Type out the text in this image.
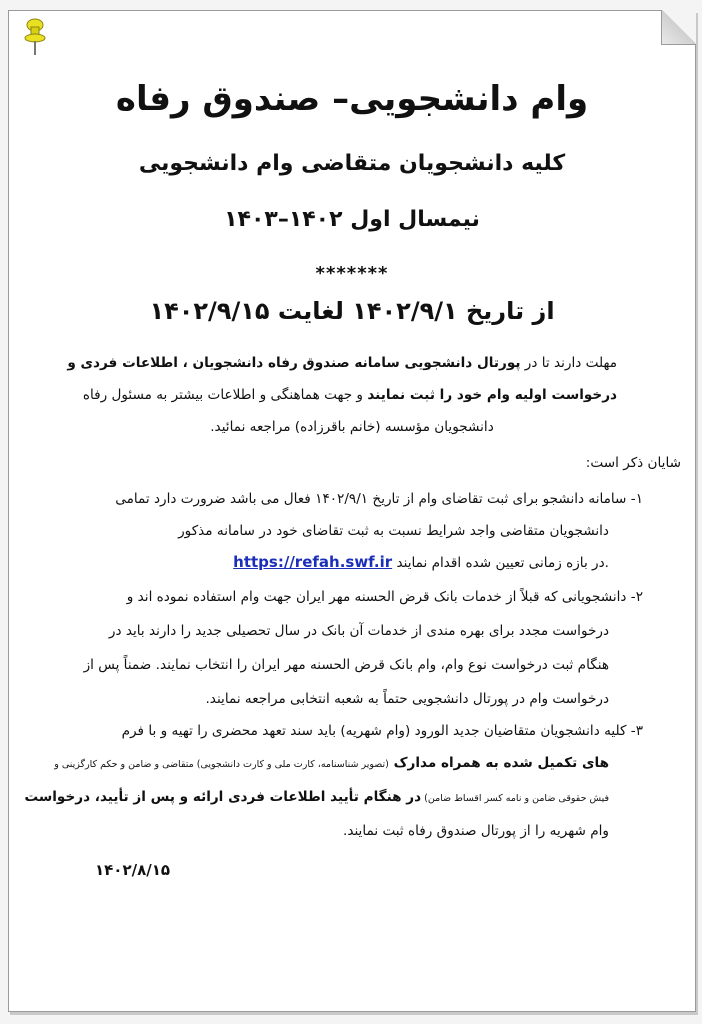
وام دانشجویی– صندوق رفاه
کلیه دانشجویان متقاضی وام دانشجویی
نیمسال اول ۱۴۰۲–۱۴۰۳
*******
از تاریخ ۱۴۰۲/۹/۱ لغایت ۱۴۰۲/۹/۱۵
مهلت دارند تا در پورتال دانشجویی سامانه صندوق رفاه دانشجویان ، اطلاعات فردی و
درخواست اولیه وام خود را ثبت نمایند و جهت هماهنگی و اطلاعات بیشتر به مسئول رفاه
دانشجویان مؤسسه (خانم باقرزاده) مراجعه نمائید.
شایان ذکر است:
۱- سامانه دانشجو برای ثبت تقاضای وام از تاریخ ۱۴۰۲/۹/۱ فعال می باشد ضرورت دارد تمامی
دانشجویان متقاضی واجد شرایط نسبت به ثبت تقاضای خود در سامانه مذکور
https://refah.swf.ir در بازه زمانی تعیین شده اقدام نمایند.
۲- دانشجویانی که قبلاً از خدمات بانک قرض الحسنه مهر ایران جهت وام استفاده نموده اند و
درخواست مجدد برای بهره مندی از خدمات آن بانک در سال تحصیلی جدید را دارند باید در
هنگام ثبت درخواست نوع وام، وام بانک قرض الحسنه مهر ایران را انتخاب نمایند. ضمناً پس از
درخواست وام در پورتال دانشجویی حتماً به شعبه انتخابی مراجعه نمایند.
۳- کلیه دانشجویان متقاضیان جدید الورود (وام شهریه) باید سند تعهد محضری را تهیه و با فرم
های تکمیل شده به همراه مدارک (تصویر شناسنامه، کارت ملی و کارت دانشجویی) متقاضی و ضامن و حکم کارگزینی و
فیش حقوقی ضامن و نامه کسر اقساط ضامن) در هنگام تأیید اطلاعات فردی ارائه و پس از تأیید، درخواست
وام شهریه را از پورتال صندوق رفاه ثبت نمایند.
۱۴۰۲/۸/۱۵
